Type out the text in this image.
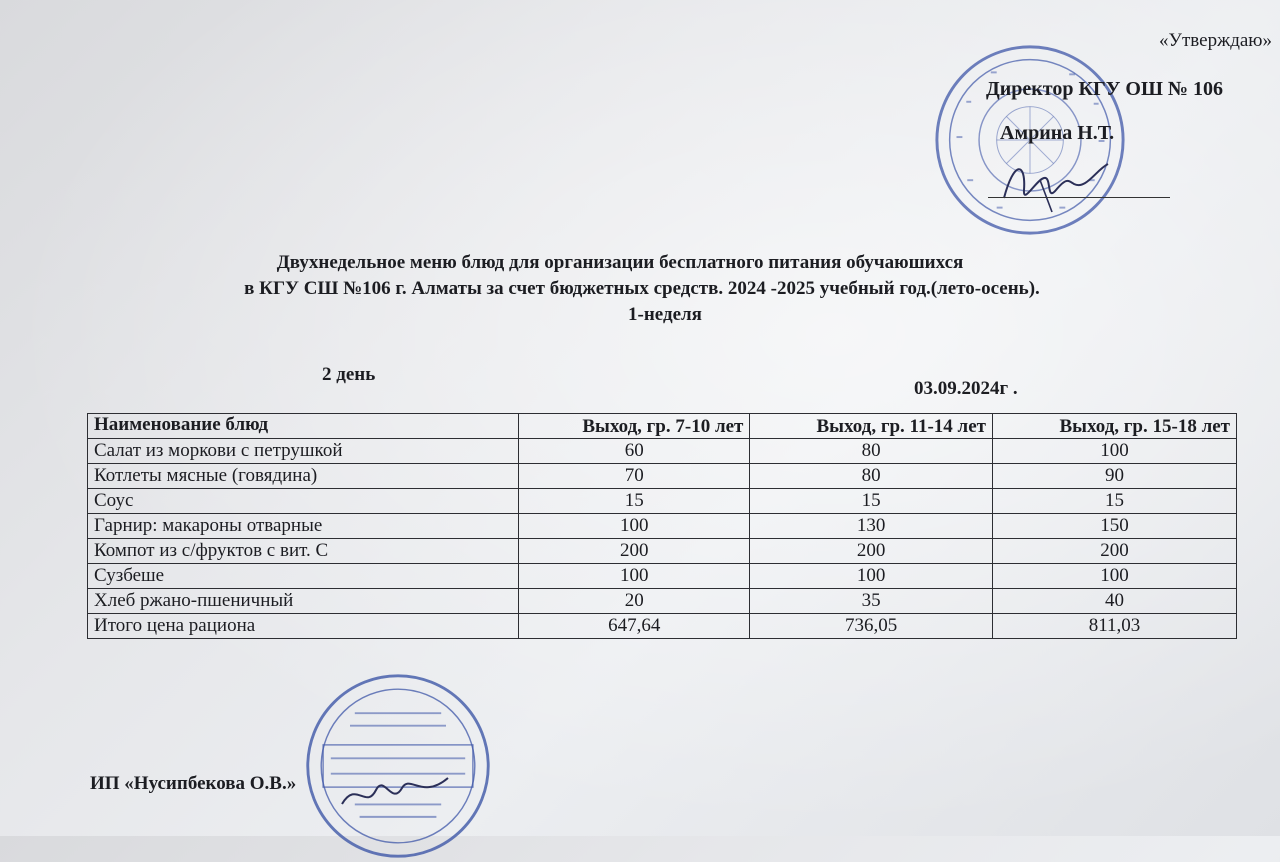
«Утверждаю»
Директор КГУ ОШ № 106
Амрина Н.Т.
Двухнедельное меню блюд для организации бесплатного питания обучаюшихся
в КГУ СШ №106 г. Алматы за счет бюджетных средств. 2024 -2025 учебный год.(лето-осень).
1-неделя
2 день
03.09.2024г .
Наименование блюд	Выход, гр. 7-10 лет	Выход, гр. 11-14 лет	Выход, гр. 15-18 лет
Салат из моркови с петрушкой	60	80	100
Котлеты мясные (говядина)	70	80	90
Соус	15	15	15
Гарнир: макароны отварные	100	130	150
Компот из с/фруктов с вит. С	200	200	200
Сузбеше	100	100	100
Хлеб ржано-пшеничный	20	35	40
Итого цена рациона	647,64	736,05	811,03
ИП «Нусипбекова О.В.»
